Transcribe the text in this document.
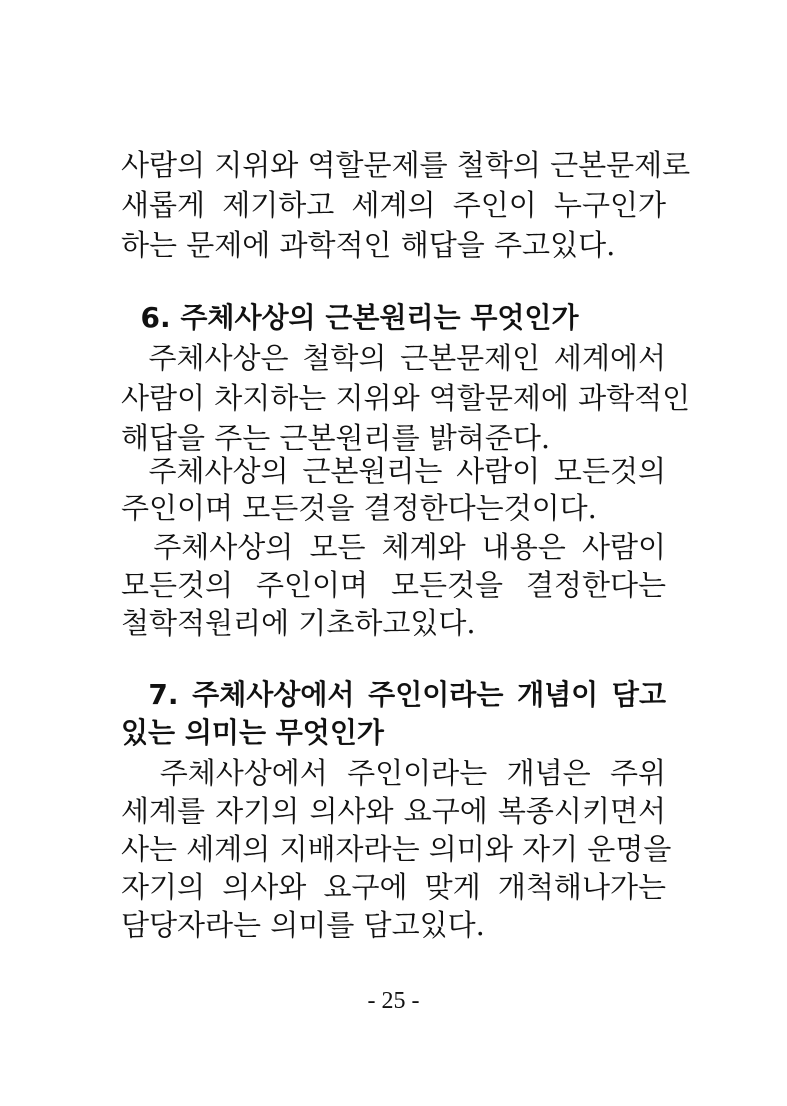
사람의 지위와 역할문제를 철학의 근본문제로
새롭게 제기하고 세계의 주인이 누구인가
하는 문제에 과학적인 해답을 주고있다.
6. 주체사상의 근본원리는 무엇인가
주체사상은 철학의 근본문제인 세계에서
사람이 차지하는 지위와 역할문제에 과학적인
해답을 주는 근본원리를 밝혀준다.
주체사상의 근본원리는 사람이 모든것의
주인이며 모든것을 결정한다는것이다.
주체사상의 모든 체계와 내용은 사람이
모든것의 주인이며 모든것을 결정한다는
철학적원리에 기초하고있다.
7. 주체사상에서 주인이라는 개념이 담고
있는 의미는 무엇인가
주체사상에서 주인이라는 개념은 주위
세계를 자기의 의사와 요구에 복종시키면서
사는 세계의 지배자라는 의미와 자기 운명을
자기의 의사와 요구에 맞게 개척해나가는
담당자라는 의미를 담고있다.
- 25 -
